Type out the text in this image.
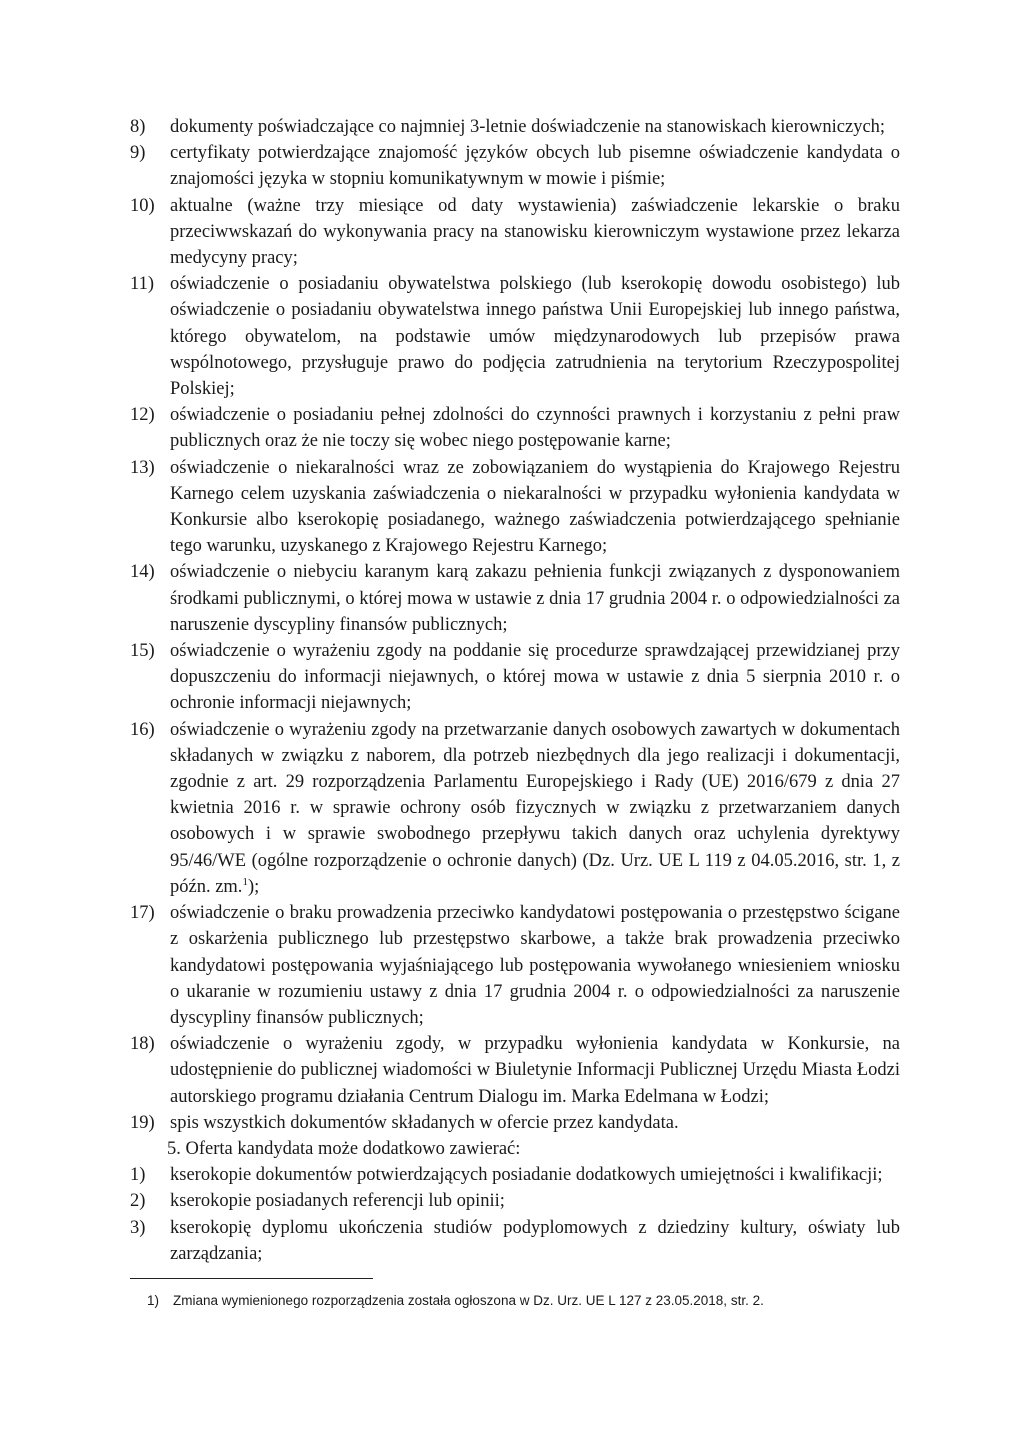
8)	dokumenty poświadczające co najmniej 3-letnie doświadczenie na stanowiskach kierowniczych;
9)	certyfikaty potwierdzające znajomość języków obcych lub pisemne oświadczenie kandydata o znajomości języka w stopniu komunikatywnym w mowie i piśmie;
10) aktualne (ważne trzy miesiące od daty wystawienia) zaświadczenie lekarskie o braku przeciwwskazań do wykonywania pracy na stanowisku kierowniczym wystawione przez lekarza medycyny pracy;
11) oświadczenie o posiadaniu obywatelstwa polskiego (lub kserokopię dowodu osobistego) lub oświadczenie o posiadaniu obywatelstwa innego państwa Unii Europejskiej lub innego państwa, którego obywatelom, na podstawie umów międzynarodowych lub przepisów prawa wspólnotowego, przysługuje prawo do podjęcia zatrudnienia na terytorium Rzeczypospolitej Polskiej;
12) oświadczenie o posiadaniu pełnej zdolności do czynności prawnych i korzystaniu z pełni praw publicznych oraz że nie toczy się wobec niego postępowanie karne;
13) oświadczenie o niekaralności wraz ze zobowiązaniem do wystąpienia do Krajowego Rejestru Karnego celem uzyskania zaświadczenia o niekaralności w przypadku wyłonienia kandydata w Konkursie albo kserokopię posiadanego, ważnego zaświadczenia potwierdzającego spełnianie tego warunku, uzyskanego z Krajowego Rejestru Karnego;
14) oświadczenie o niebyciu karanym karą zakazu pełnienia funkcji związanych z dysponowaniem środkami publicznymi, o której mowa w ustawie z dnia 17 grudnia 2004 r. o odpowiedzialności za naruszenie dyscypliny finansów publicznych;
15) oświadczenie o wyrażeniu zgody na poddanie się procedurze sprawdzającej przewidzianej przy dopuszczeniu do informacji niejawnych, o której mowa w ustawie z dnia 5 sierpnia 2010 r. o ochronie informacji niejawnych;
16) oświadczenie o wyrażeniu zgody na przetwarzanie danych osobowych zawartych w dokumentach składanych w związku z naborem, dla potrzeb niezbędnych dla jego realizacji i dokumentacji, zgodnie z art. 29 rozporządzenia Parlamentu Europejskiego i Rady (UE) 2016/679 z dnia 27 kwietnia 2016 r. w sprawie ochrony osób fizycznych w związku z przetwarzaniem danych osobowych i w sprawie swobodnego przepływu takich danych oraz uchylenia dyrektywy 95/46/WE (ogólne rozporządzenie o ochronie danych) (Dz. Urz. UE L 119 z 04.05.2016, str. 1, z późn. zm.$^1$);
17) oświadczenie o braku prowadzenia przeciwko kandydatowi postępowania o przestępstwo ścigane z oskarżenia publicznego lub przestępstwo skarbowe, a także brak prowadzenia przeciwko kandydatowi postępowania wyjaśniającego lub postępowania wywołanego wniesieniem wniosku o ukaranie w rozumieniu ustawy z dnia 17 grudnia 2004 r. o odpowiedzialności za naruszenie dyscypliny finansów publicznych;
18) oświadczenie o wyrażeniu zgody, w przypadku wyłonienia kandydata w Konkursie, na udostępnienie do publicznej wiadomości w Biuletynie Informacji Publicznej Urzędu Miasta Łodzi autorskiego programu działania Centrum Dialogu im. Marka Edelmana w Łodzi;
19) spis wszystkich dokumentów składanych w ofercie przez kandydata.
5. Oferta kandydata może dodatkowo zawierać:
1)	kserokopie dokumentów potwierdzających posiadanie dodatkowych umiejętności i kwalifikacji;
2)	kserokopie posiadanych referencji lub opinii;
3)	kserokopię dyplomu ukończenia studiów podyplomowych z dziedziny kultury, oświaty lub zarządzania;
1) Zmiana wymienionego rozporządzenia została ogłoszona w Dz. Urz. UE L 127 z 23.05.2018, str. 2.
